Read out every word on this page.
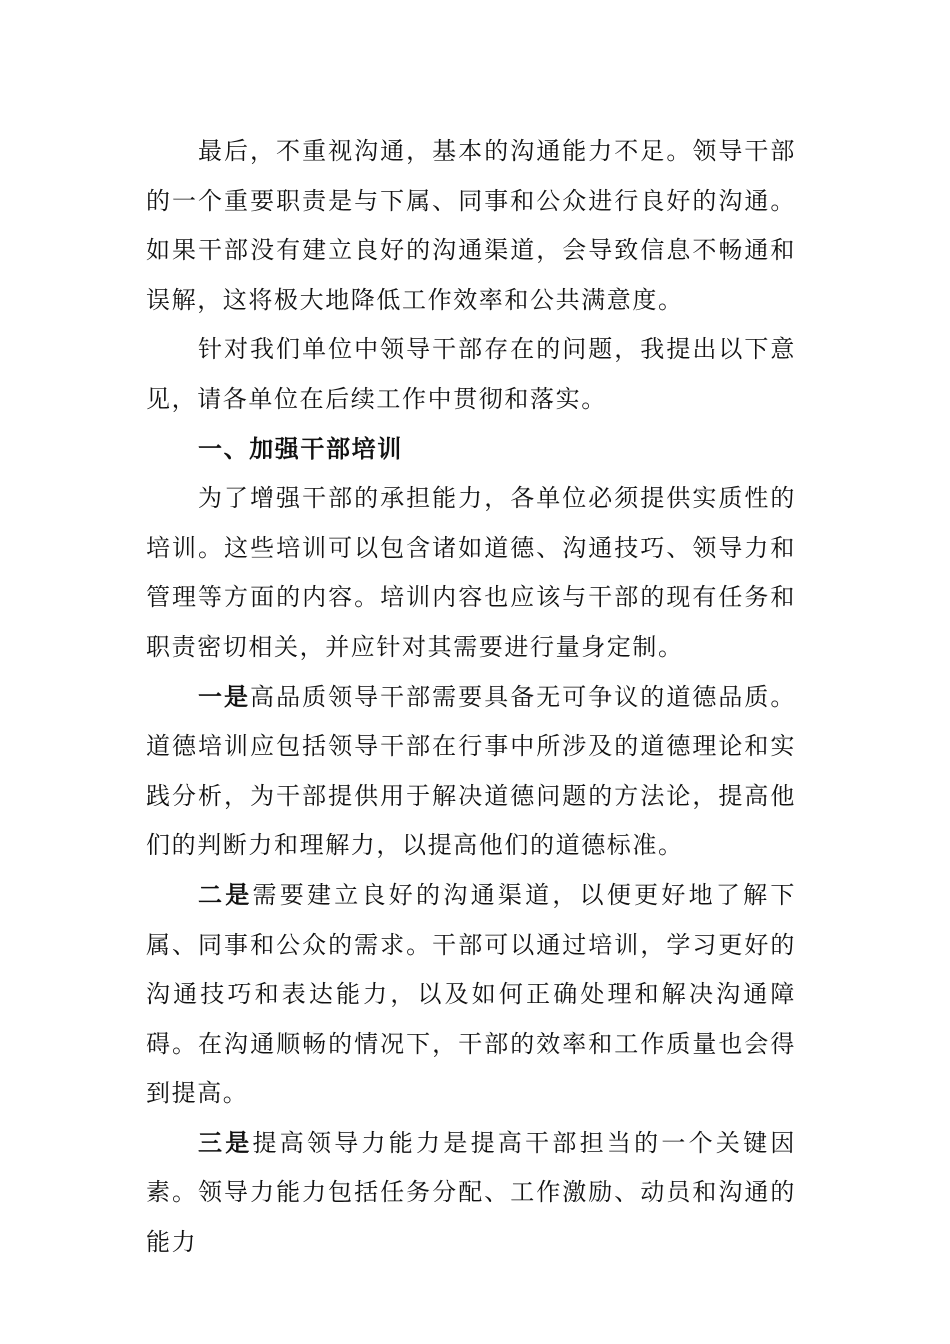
最后，不重视沟通，基本的沟通能力不足。领导干部的一个重要职责是与下属、同事和公众进行良好的沟通。如果干部没有建立良好的沟通渠道，会导致信息不畅通和误解，这将极大地降低工作效率和公共满意度。

针对我们单位中领导干部存在的问题，我提出以下意见，请各单位在后续工作中贯彻和落实。

一、加强干部培训

为了增强干部的承担能力，各单位必须提供实质性的培训。这些培训可以包含诸如道德、沟通技巧、领导力和管理等方面的内容。培训内容也应该与干部的现有任务和职责密切相关，并应针对其需要进行量身定制。

一是高品质领导干部需要具备无可争议的道德品质。道德培训应包括领导干部在行事中所涉及的道德理论和实践分析，为干部提供用于解决道德问题的方法论，提高他们的判断力和理解力，以提高他们的道德标准。

二是需要建立良好的沟通渠道，以便更好地了解下属、同事和公众的需求。干部可以通过培训，学习更好的沟通技巧和表达能力，以及如何正确处理和解决沟通障碍。在沟通顺畅的情况下，干部的效率和工作质量也会得到提高。

三是提高领导力能力是提高干部担当的一个关键因素。领导力能力包括任务分配、工作激励、动员和沟通的能力
